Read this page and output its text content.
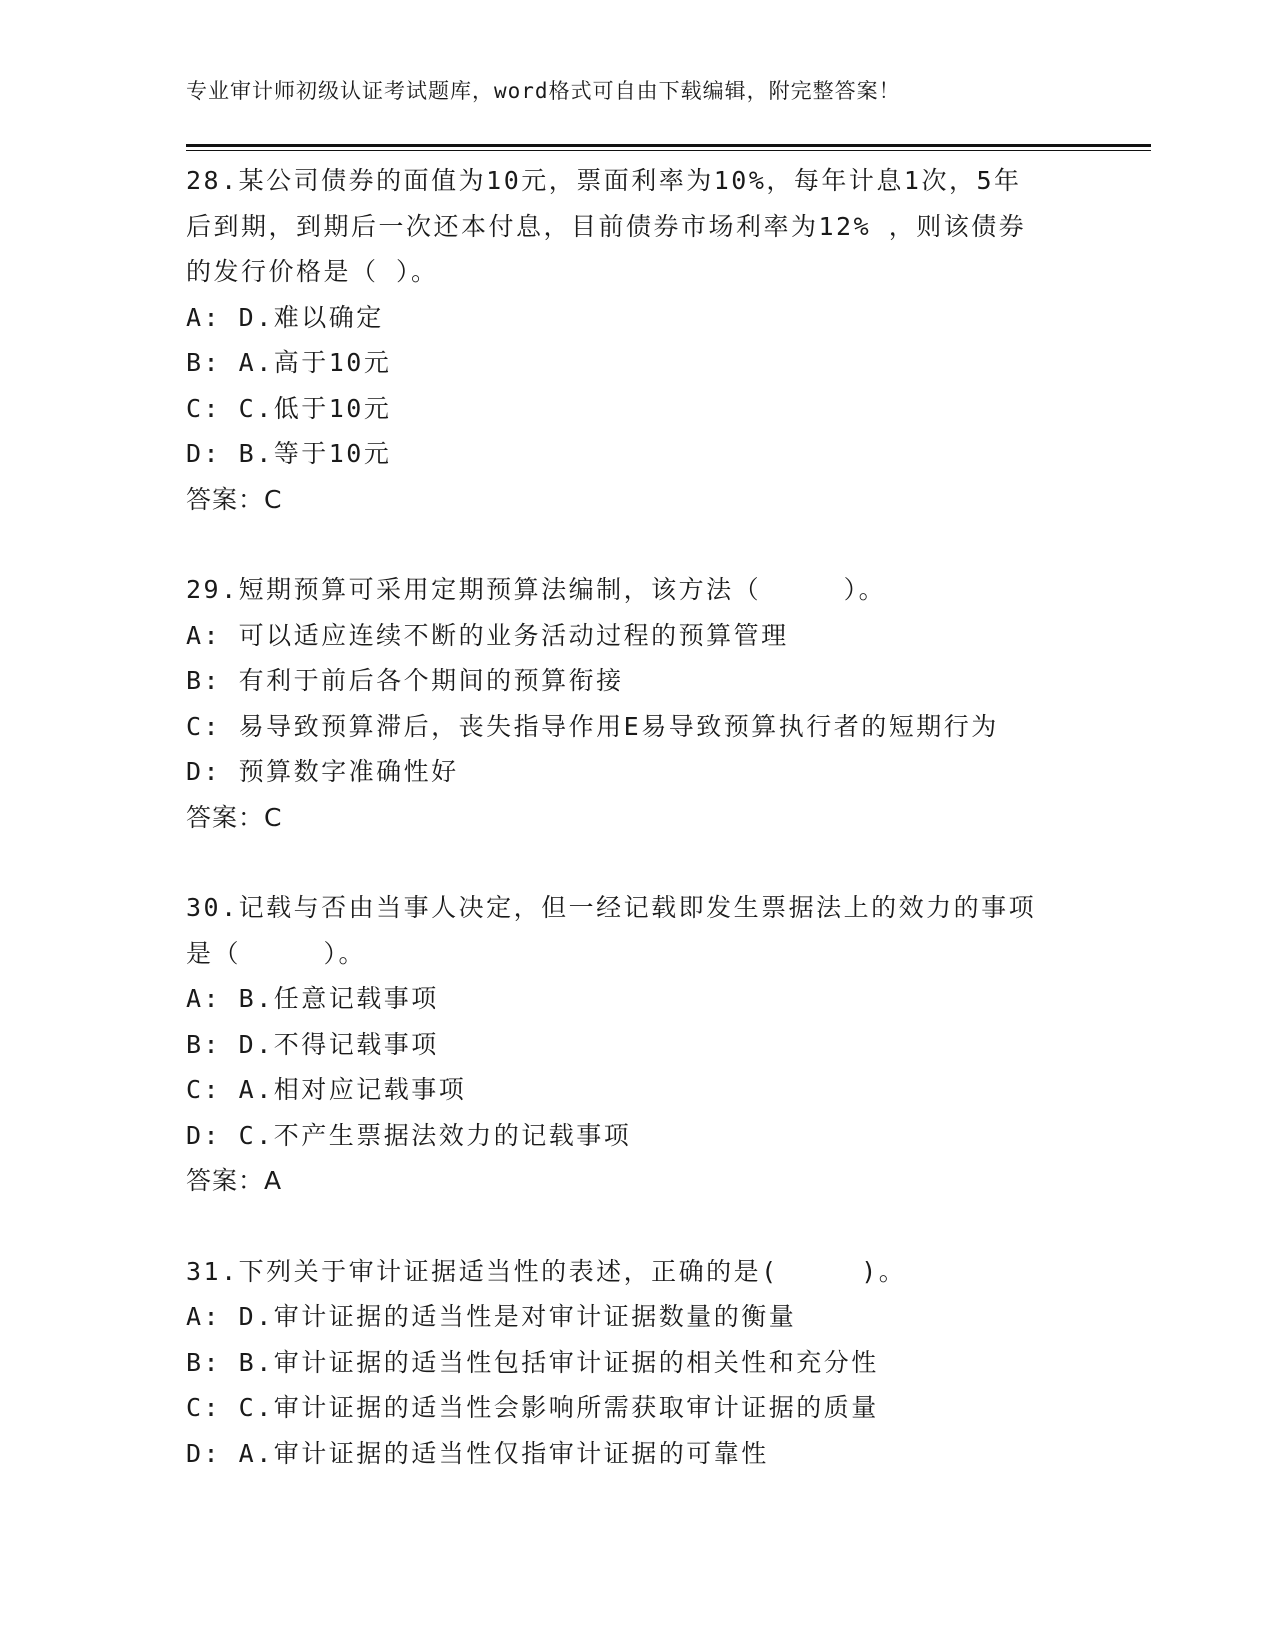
专业审计师初级认证考试题库，word格式可自由下载编辑，附完整答案！
28.某公司债券的面值为10元，票面利率为10%，每年计息1次，5年后到期，到期后一次还本付息，目前债券市场利率为12% ，则该债券的发行价格是（ ）。
A: D.难以确定
B: A.高于10元
C: C.低于10元
D: B.等于10元
答案：C
29.短期预算可采用定期预算法编制，该方法（　　　）。
A: 可以适应连续不断的业务活动过程的预算管理
B: 有利于前后各个期间的预算衔接
C: 易导致预算滞后，丧失指导作用E易导致预算执行者的短期行为
D: 预算数字准确性好
答案：C
30.记载与否由当事人决定，但一经记载即发生票据法上的效力的事项是（　　　）。
A: B.任意记载事项
B: D.不得记载事项
C: A.相对应记载事项
D: C.不产生票据法效力的记载事项
答案：A
31.下列关于审计证据适当性的表述，正确的是(　　　)。
A: D.审计证据的适当性是对审计证据数量的衡量
B: B.审计证据的适当性包括审计证据的相关性和充分性
C: C.审计证据的适当性会影响所需获取审计证据的质量
D: A.审计证据的适当性仅指审计证据的可靠性
